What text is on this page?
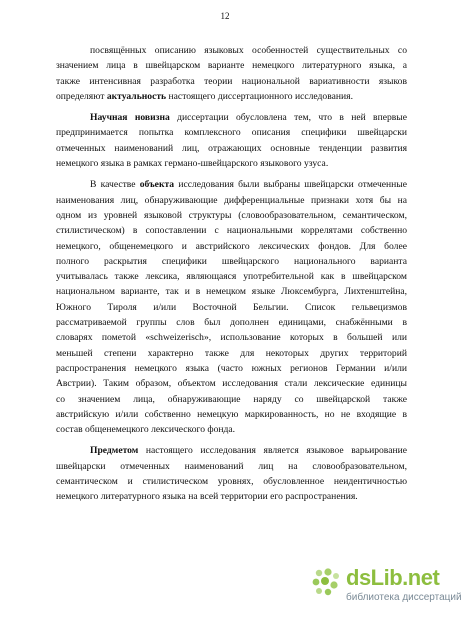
12

посвящённых описанию языковых особенностей существительных со
значением лица в швейцарском варианте немецкого литературного языка, а
также интенсивная разработка теории национальной вариативности языков
определяют актуальность настоящего диссертационного исследования.

Научная новизна диссертации обусловлена тем, что в ней впервые
предпринимается попытка комплексного описания специфики швейцарски
отмеченных наименований лиц, отражающих основные тенденции развития
немецкого языка в рамках германо-швейцарского языкового узуса.

В качестве объекта исследования были выбраны швейцарски отмеченные
наименования лиц, обнаруживающие дифференциальные признаки хотя бы на
одном из уровней языковой структуры (словообразовательном, семантическом,
стилистическом) в сопоставлении с национальными коррелятами собственно
немецкого, общенемецкого и австрийского лексических фондов. Для более
полного раскрытия специфики швейцарского национального варианта
учитывалась также лексика, являющаяся употребительной как в швейцарском
национальном варианте, так и в немецком языке Люксембурга, Лихтенштейна,
Южного Тироля и/или Восточной Бельгии. Список гельвецизмов
рассматриваемой группы слов был дополнен единицами, снабжёнными в
словарях пометой «schweizerisch», использование которых в большей или
меньшей степени характерно также для некоторых других территорий
распространения немецкого языка (часто южных регионов Германии и/или
Австрии). Таким образом, объектом исследования стали лексические единицы
со значением лица, обнаруживающие наряду со швейцарской также
австрийскую и/или собственно немецкую маркированность, но не входящие в
состав общенемецкого лексического фонда.

Предметом настоящего исследования является языковое варьирование
швейцарски отмеченных наименований лиц на словообразовательном,
семантическом и стилистическом уровнях, обусловленное неидентичностью
немецкого литературного языка на всей территории его распространения.

dsLib.net
библиотека диссертаций
